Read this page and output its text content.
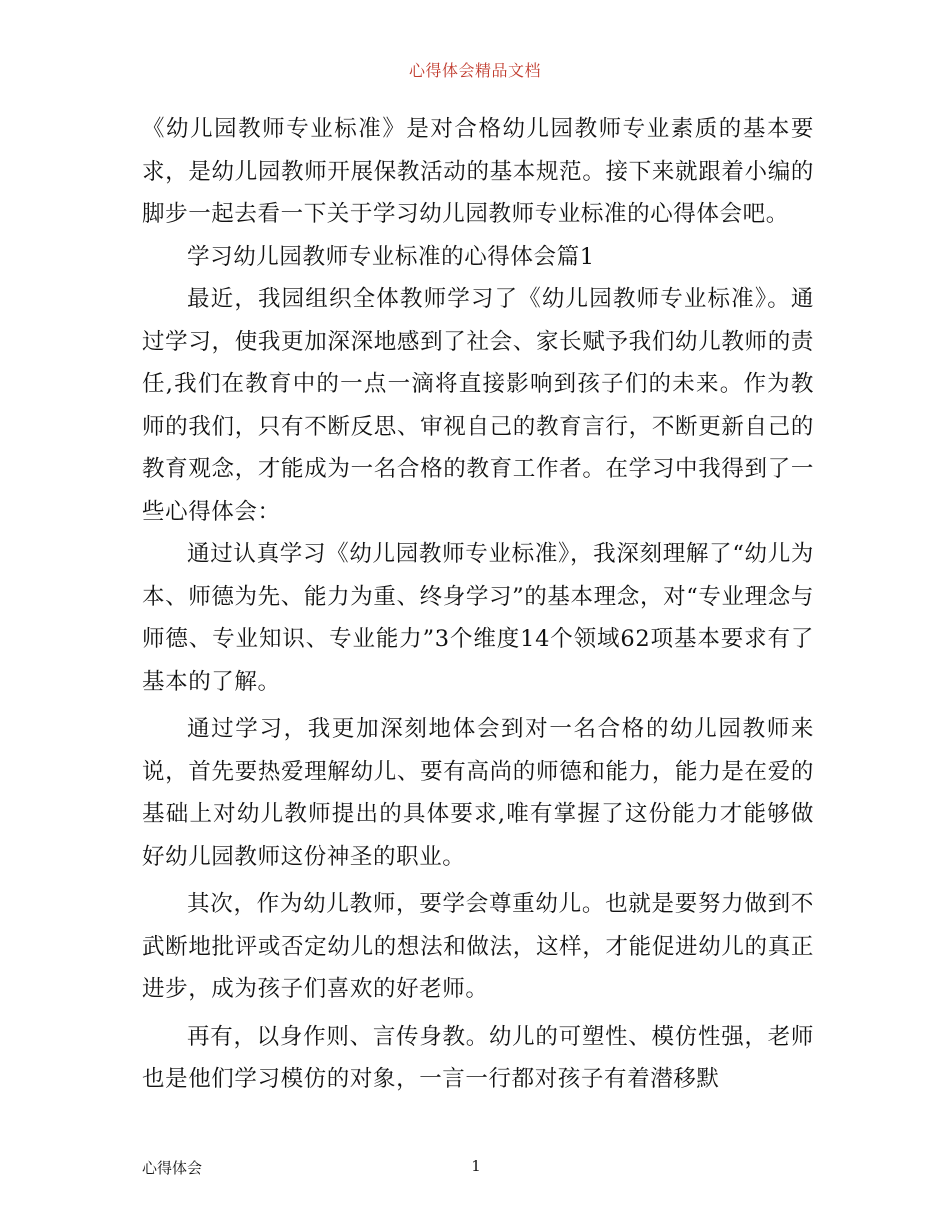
心得体会精品文档

《幼儿园教师专业标准》是对合格幼儿园教师专业素质的基本要求，是幼儿园教师开展保教活动的基本规范。接下来就跟着小编的脚步一起去看一下关于学习幼儿园教师专业标准的心得体会吧。

学习幼儿园教师专业标准的心得体会篇1

最近，我园组织全体教师学习了《幼儿园教师专业标准》。通过学习，使我更加深深地感到了社会、家长赋予我们幼儿教师的责任,我们在教育中的一点一滴将直接影响到孩子们的未来。作为教师的我们，只有不断反思、审视自己的教育言行，不断更新自己的教育观念，才能成为一名合格的教育工作者。在学习中我得到了一些心得体会：

通过认真学习《幼儿园教师专业标准》，我深刻理解了“幼儿为本、师德为先、能力为重、终身学习”的基本理念，对“专业理念与师德、专业知识、专业能力”3个维度14个领域62项基本要求有了基本的了解。

通过学习，我更加深刻地体会到对一名合格的幼儿园教师来说，首先要热爱理解幼儿、要有高尚的师德和能力，能力是在爱的基础上对幼儿教师提出的具体要求,唯有掌握了这份能力才能够做好幼儿园教师这份神圣的职业。

其次，作为幼儿教师，要学会尊重幼儿。也就是要努力做到不武断地批评或否定幼儿的想法和做法，这样，才能促进幼儿的真正进步，成为孩子们喜欢的好老师。

再有，以身作则、言传身教。幼儿的可塑性、模仿性强，老师也是他们学习模仿的对象，一言一行都对孩子有着潜移默

心得体会	1
